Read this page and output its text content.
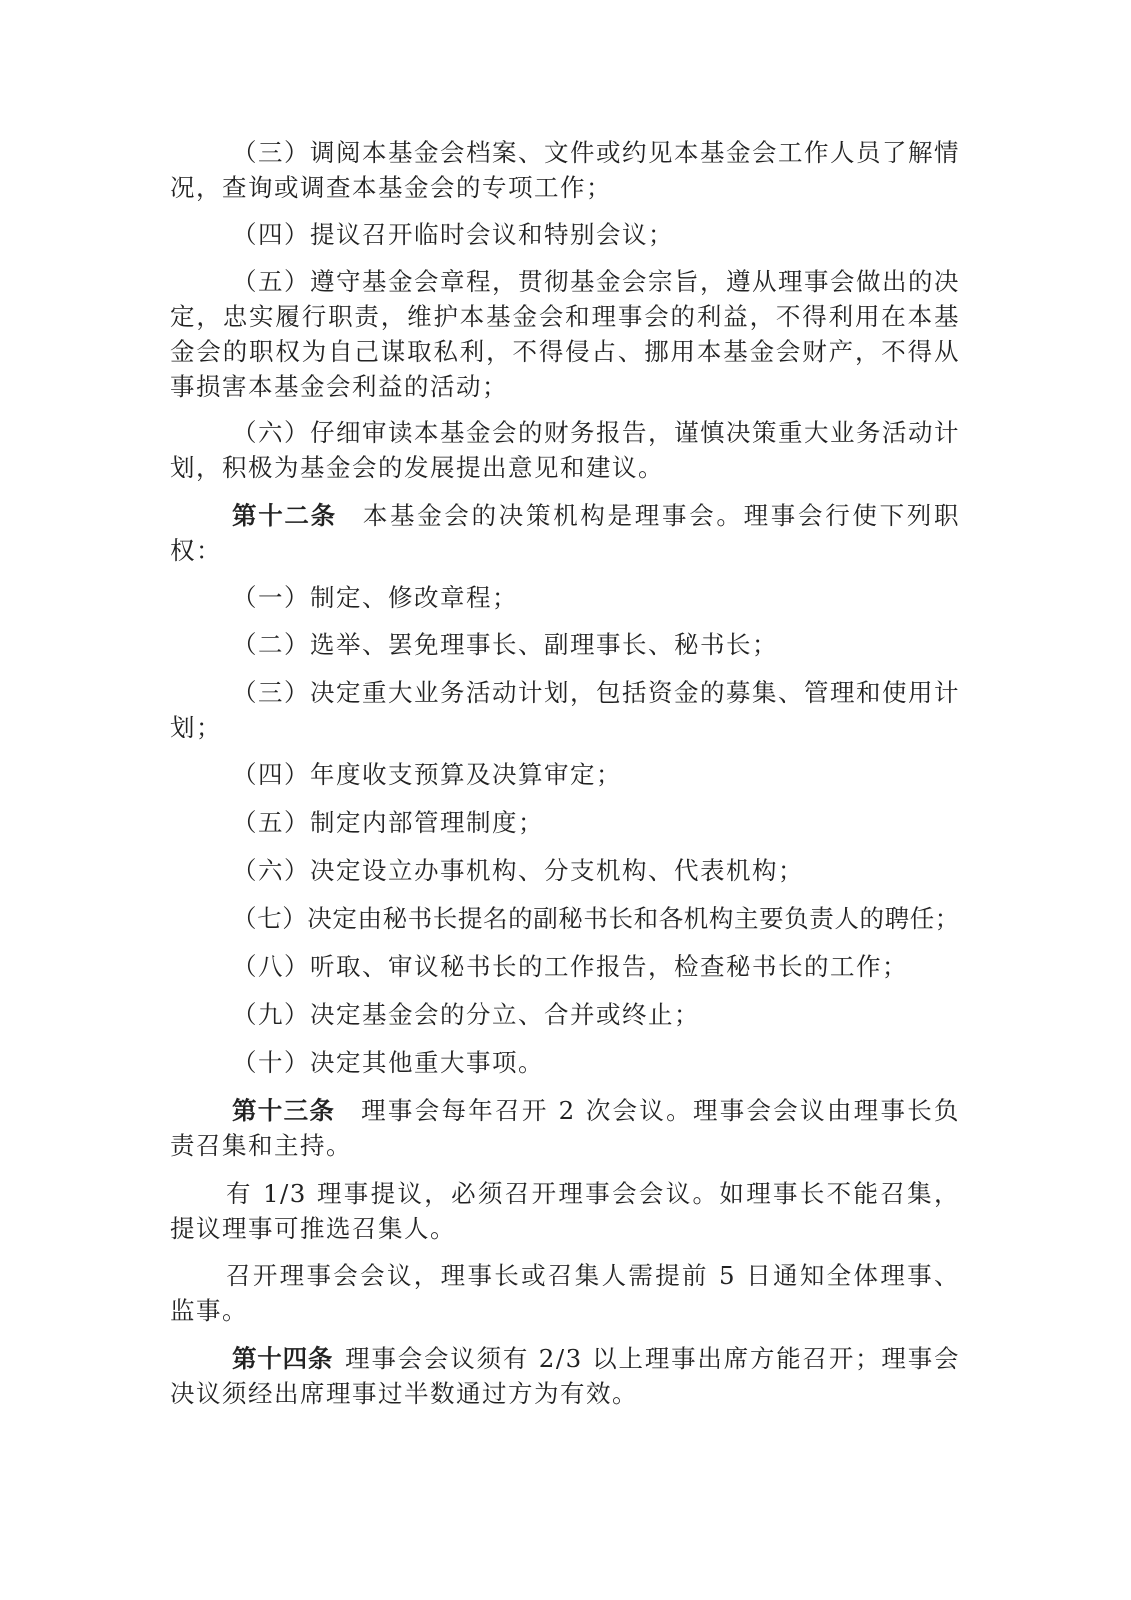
（三）调阅本基金会档案、文件或约见本基金会工作人员了解情况，查询或调查本基金会的专项工作；

（四）提议召开临时会议和特别会议；

（五）遵守基金会章程，贯彻基金会宗旨，遵从理事会做出的决定，忠实履行职责，维护本基金会和理事会的利益，不得利用在本基金会的职权为自己谋取私利，不得侵占、挪用本基金会财产，不得从事损害本基金会利益的活动；

（六）仔细审读本基金会的财务报告，谨慎决策重大业务活动计划，积极为基金会的发展提出意见和建议。

第十二条 本基金会的决策机构是理事会。理事会行使下列职权：

（一）制定、修改章程；

（二）选举、罢免理事长、副理事长、秘书长；

（三）决定重大业务活动计划，包括资金的募集、管理和使用计划；

（四）年度收支预算及决算审定；

（五）制定内部管理制度；

（六）决定设立办事机构、分支机构、代表机构；

（七）决定由秘书长提名的副秘书长和各机构主要负责人的聘任；

（八）听取、审议秘书长的工作报告，检查秘书长的工作；

（九）决定基金会的分立、合并或终止；

（十）决定其他重大事项。

第十三条 理事会每年召开 2 次会议。理事会会议由理事长负责召集和主持。

有 1/3 理事提议，必须召开理事会会议。如理事长不能召集，提议理事可推选召集人。

召开理事会会议，理事长或召集人需提前 5 日通知全体理事、监事。

第十四条 理事会会议须有 2/3 以上理事出席方能召开；理事会决议须经出席理事过半数通过方为有效。
